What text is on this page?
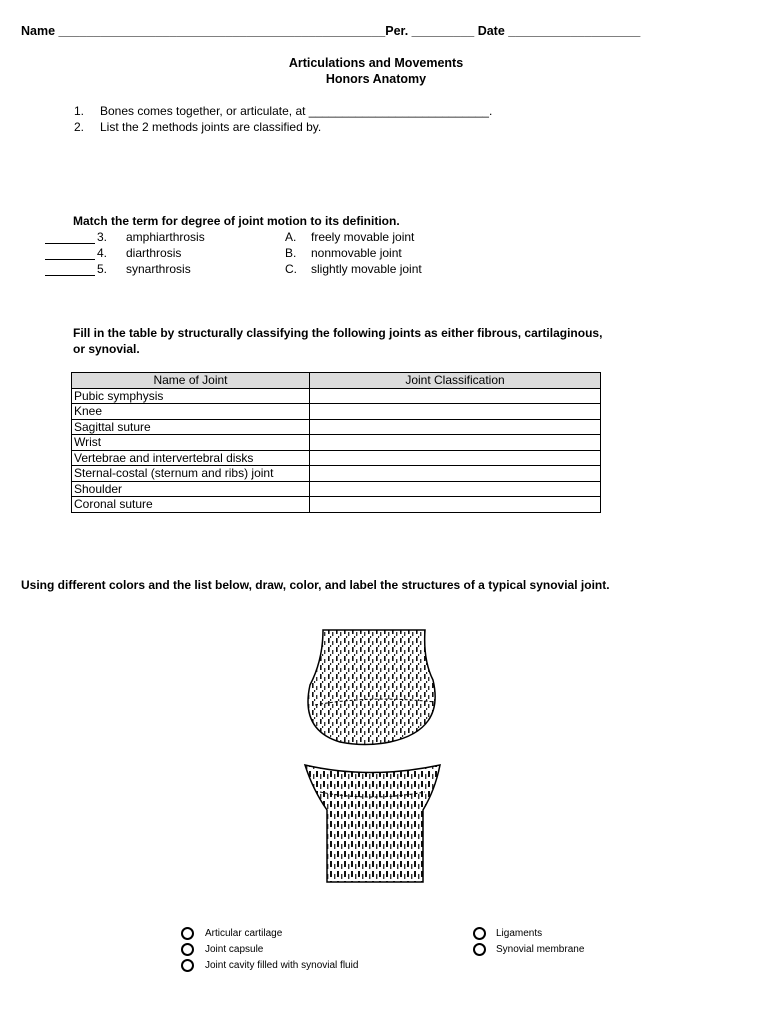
Name _______________________________________________Per. _________ Date ___________________
Articulations and Movements
Honors Anatomy
1. Bones comes together, or articulate, at ___________________________.
2. List the 2 methods joints are classified by.
Match the term for degree of joint motion to its definition.
3. amphiarthrosis	A. freely movable joint
4. diarthrosis	B. nonmovable joint
5. synarthrosis	C. slightly movable joint
Fill in the table by structurally classifying the following joints as either fibrous, cartilaginous,
or synovial.
Name of Joint	Joint Classification
Pubic symphysis	
Knee	
Sagittal suture	
Wrist	
Vertebrae and intervertebral disks	
Sternal-costal (sternum and ribs) joint	
Shoulder	
Coronal suture	
Using different colors and the list below, draw, color, and label the structures of a typical synovial joint.
Articular cartilage
Joint capsule
Joint cavity filled with synovial fluid
Ligaments
Synovial membrane
